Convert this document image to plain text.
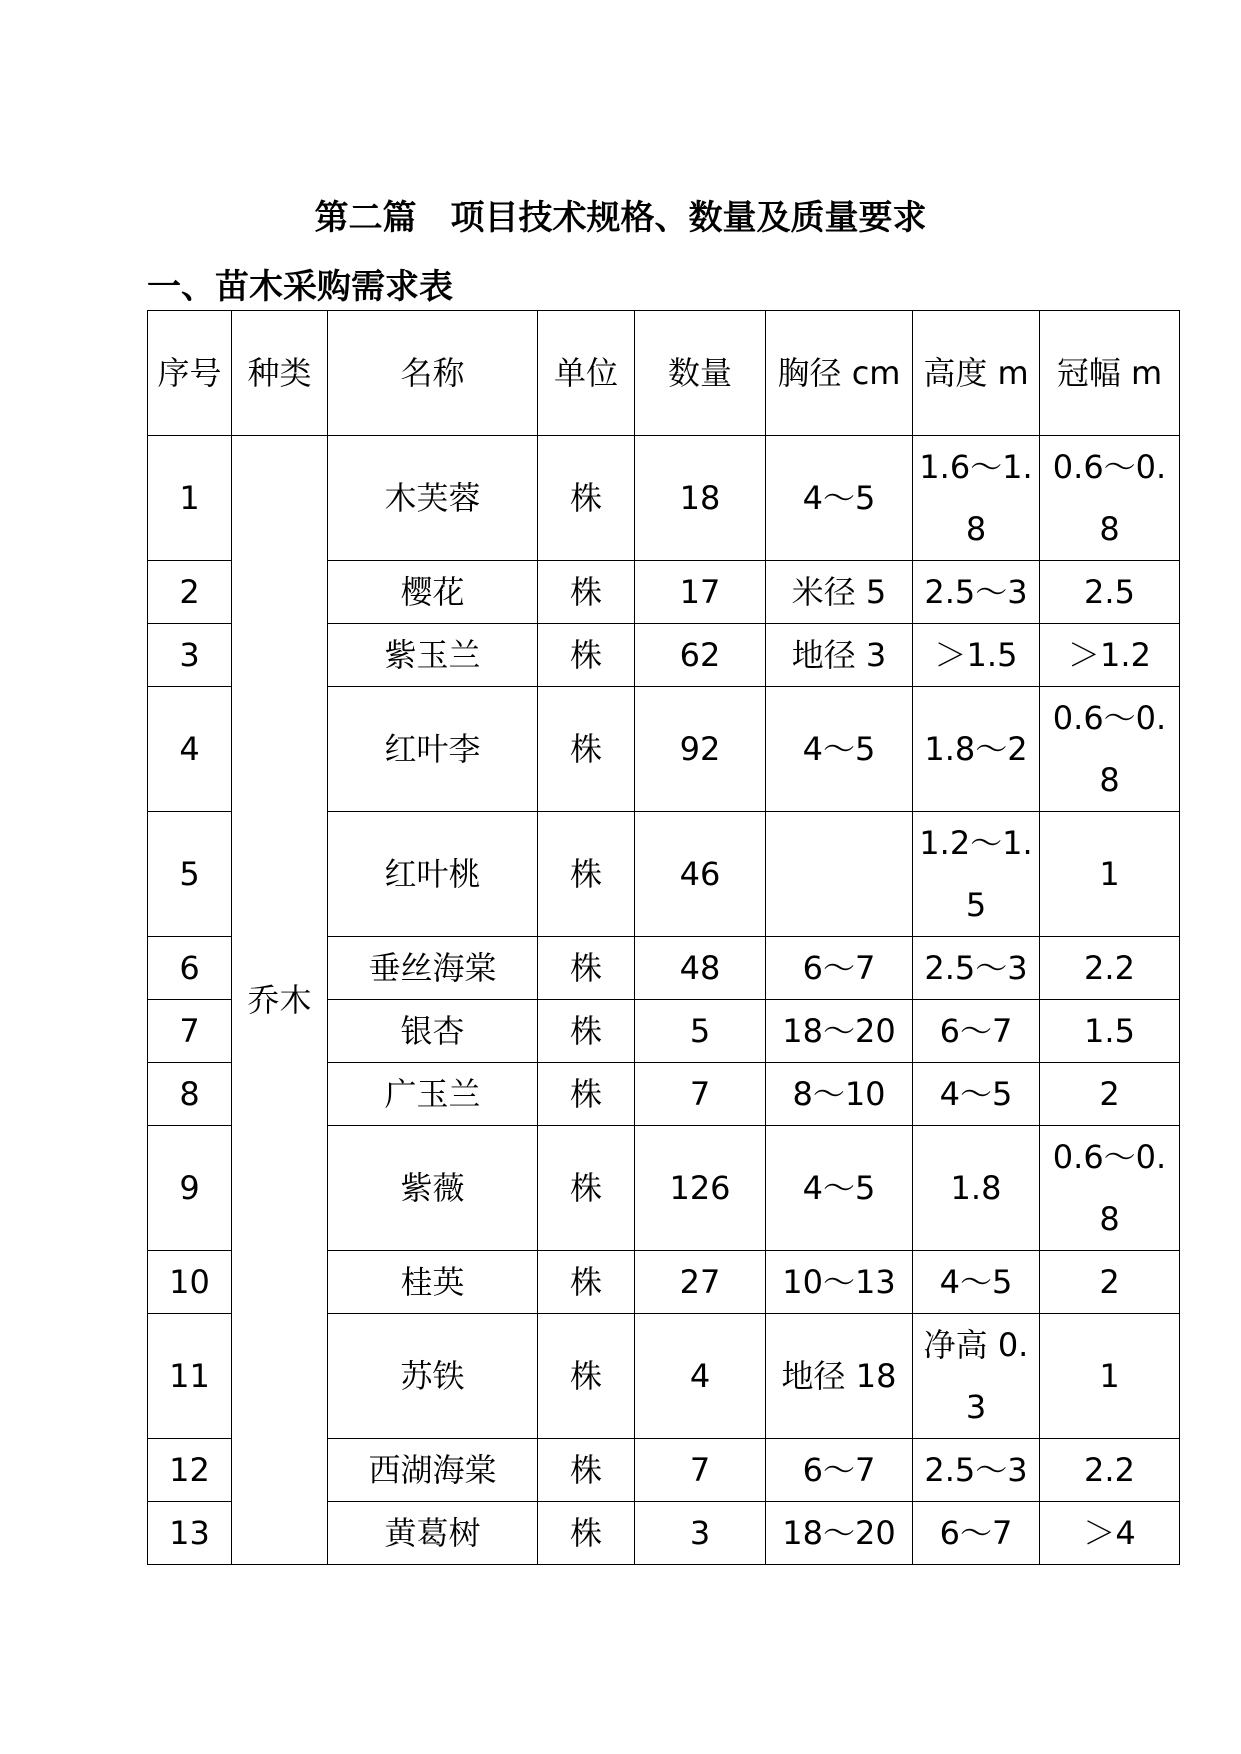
第二篇　项目技术规格、数量及质量要求
一、苗木采购需求表
序号	种类	名称	单位	数量	胸径 cm	高度 m	冠幅 m
1	乔木	木芙蓉	株	18	4～5	1.6～1.8	0.6～0.8
2		樱花	株	17	米径 5	2.5～3	2.5
3		紫玉兰	株	62	地径 3	＞1.5	＞1.2
4		红叶李	株	92	4～5	1.8～2	0.6～0.8
5		红叶桃	株	46		1.2～1.5	1
6		垂丝海棠	株	48	6～7	2.5～3	2.2
7		银杏	株	5	18～20	6～7	1.5
8		广玉兰	株	7	8～10	4～5	2
9		紫薇	株	126	4～5	1.8	0.6～0.8
10		桂英	株	27	10～13	4～5	2
11		苏铁	株	4	地径 18	净高 0.3	1
12		西湖海棠	株	7	6～7	2.5～3	2.2
13		黄葛树	株	3	18～20	6～7	＞4
